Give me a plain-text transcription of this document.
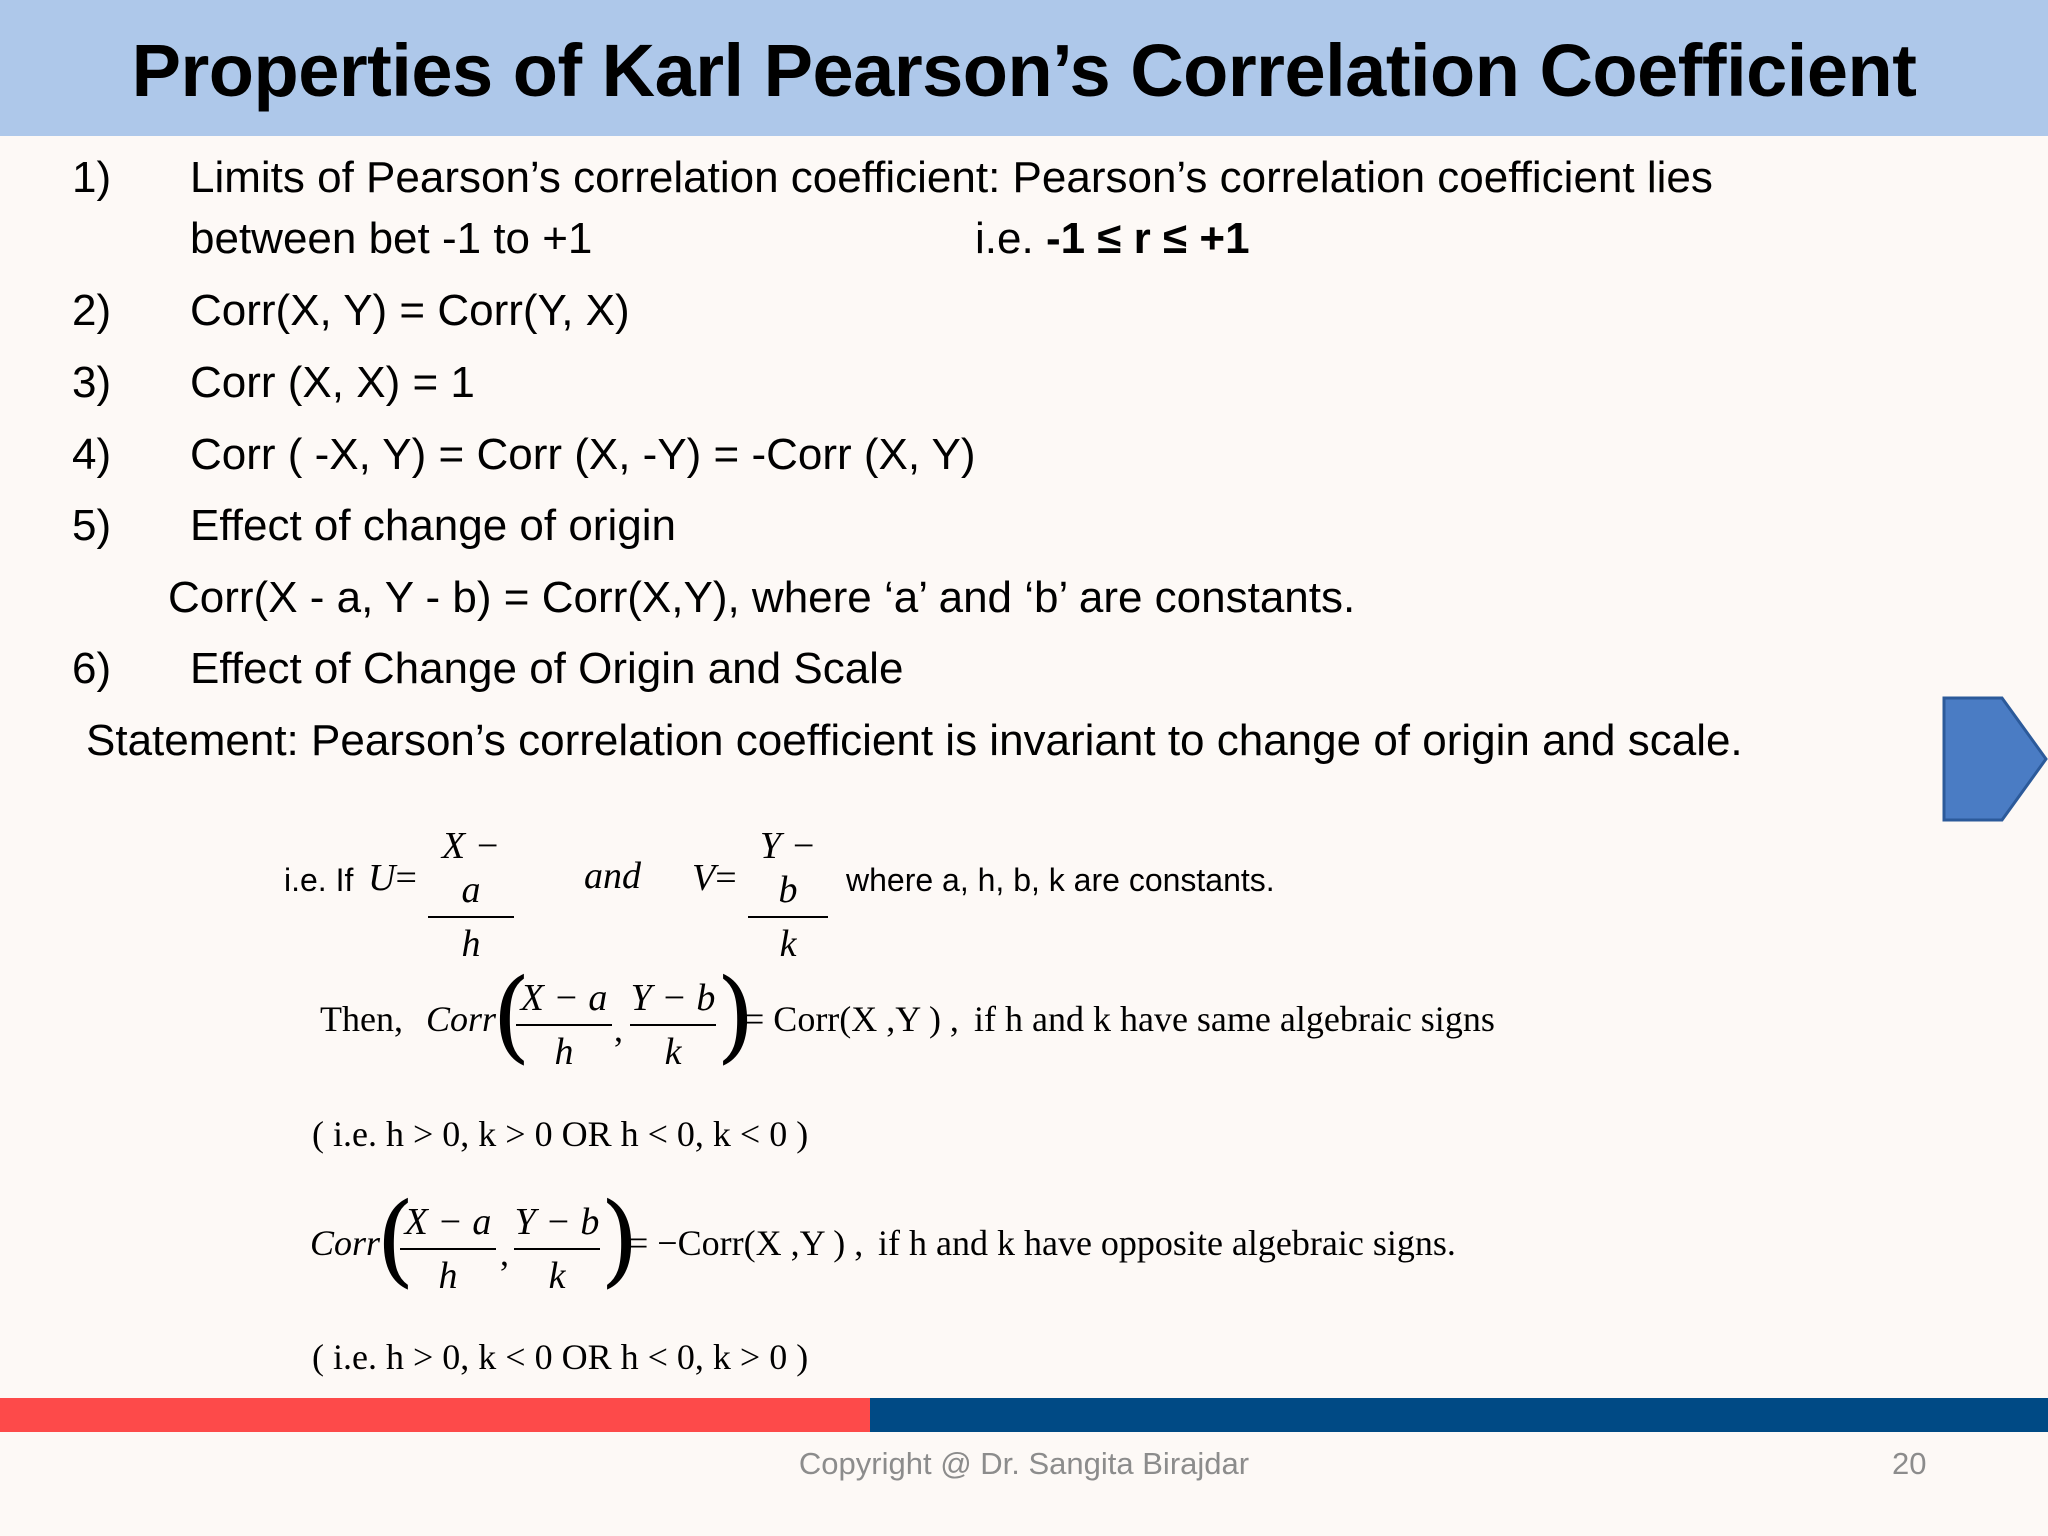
Properties of Karl Pearson’s Correlation Coefficient
1) Limits of Pearson’s correlation coefficient: Pearson’s correlation coefficient lies
between bet -1 to +1	i.e. -1 ≤ r ≤ +1
2) Corr(X, Y) = Corr(Y, X)
3) Corr (X, X) = 1
4) Corr ( -X, Y) = Corr (X, -Y) = -Corr (X, Y)
5) Effect of change of origin
Corr(X - a, Y - b) = Corr(X,Y), where ‘a’ and ‘b’ are constants.
6) Effect of Change of Origin and Scale
Statement: Pearson’s correlation coefficient is invariant to change of origin and scale.
i.e. If U=
X − a
h
and V=
Y − b
k
where a, h, b, k are constants.
Then, Corr
(
X − a
h
,
Y − b
k )
= Corr(X ,Y ) , if h and k have same algebraic signs
( i.e. h > 0, k > 0 OR h < 0, k < 0 )
Corr
(
X − a
h
,
Y − b
k )
= −Corr(X ,Y ) , if h and k have opposite algebraic signs.
( i.e. h > 0, k < 0 OR h < 0, k > 0 )
Copyright @ Dr. Sangita Birajdar	20
